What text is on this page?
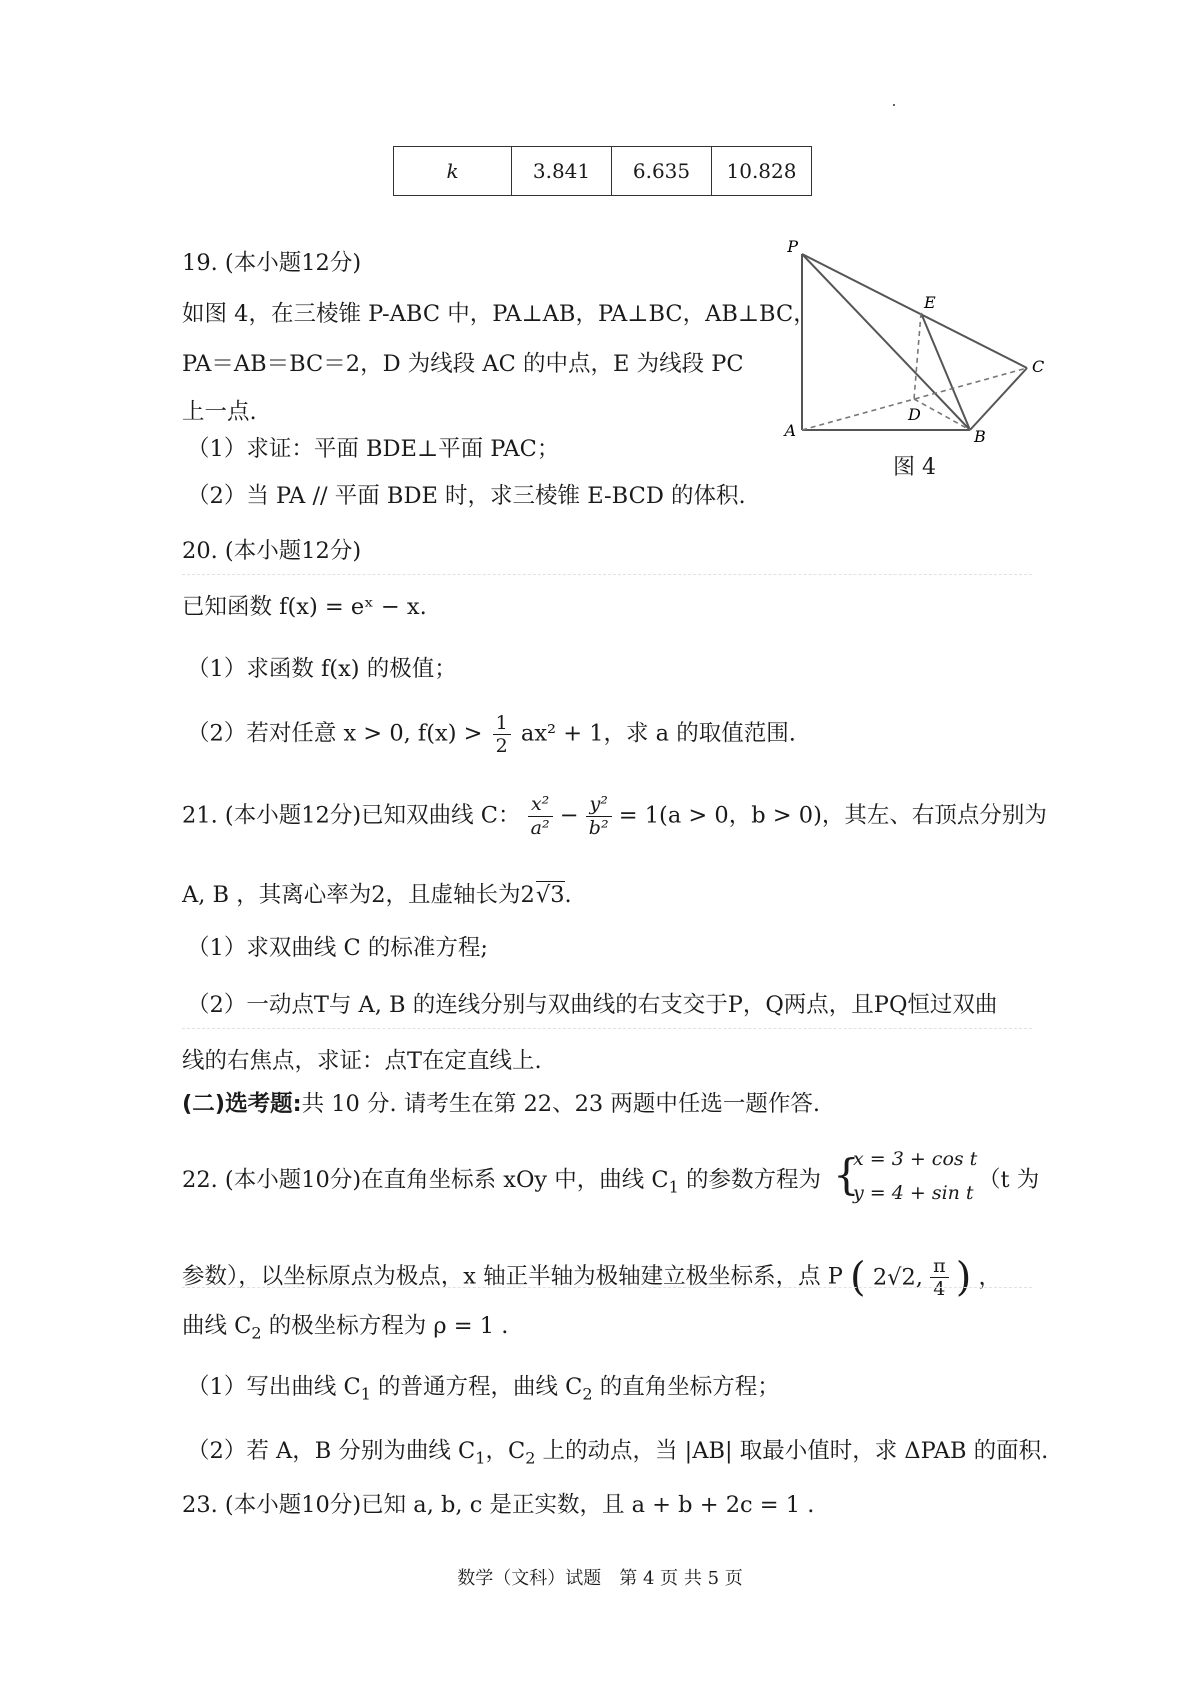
k	3.841	6.635	10.828
19. (本小题12分)
如图 4，在三棱锥 P-ABC 中，PA⊥AB，PA⊥BC，AB⊥BC，
PA＝AB＝BC＝2，D 为线段 AC 的中点，E 为线段 PC
上一点.
（1）求证：平面 BDE⊥平面 PAC；
（2）当 PA // 平面 BDE 时，求三棱锥 E-BCD 的体积.
P
E
C
D
A	B
图 4
20. (本小题12分)
已知函数 f(x) = eˣ − x.
（1）求函数 f(x) 的极值；
（2）若对任意 x > 0, $f(x) > \frac{1}{2} ax^2 + 1$，求 a 的取值范围.
21. (本小题12分)已知双曲线 C： $\frac{\text{x²}}{\text{a²}} - \frac{\text{y²}}{\text{b²}} = 1(a > 0$，b > 0)，其左、右顶点分别为
A, B ，其离心率为2，且虚轴长为2√3.
（1）求双曲线 C 的标准方程;
（2）一动点T与 A, B 的连线分别与双曲线的右支交于P，Q两点，且PQ恒过双曲
线的右焦点，求证：点T在定直线上.
(二)选考题:共 10 分. 请考生在第 22、23 两题中任选一题作答.
22. (本小题10分)在直角坐标系 xOy 中，曲线 $C_1$ 的参数方程为 {
x = 3 + cos t
y = 4 + sin t （t 为
参数），以坐标原点为极点，x 轴正半轴为极轴建立极坐标系，点 P ( 2√2, $\frac{\pi}{4}$ ) ，
曲线 $C_2$ 的极坐标方程为 ρ = 1 .
（1）写出曲线 $C_1$ 的普通方程，曲线 $C_2$ 的直角坐标方程；
（2）若 A，B 分别为曲线 $C_1$，$C_2$ 上的动点，当 |AB| 取最小值时，求 ΔPAB 的面积.
23. (本小题10分)已知 a, b, c 是正实数，且 a + b + 2c = 1 .
数学（文科）试题　第 4 页 共 5 页
